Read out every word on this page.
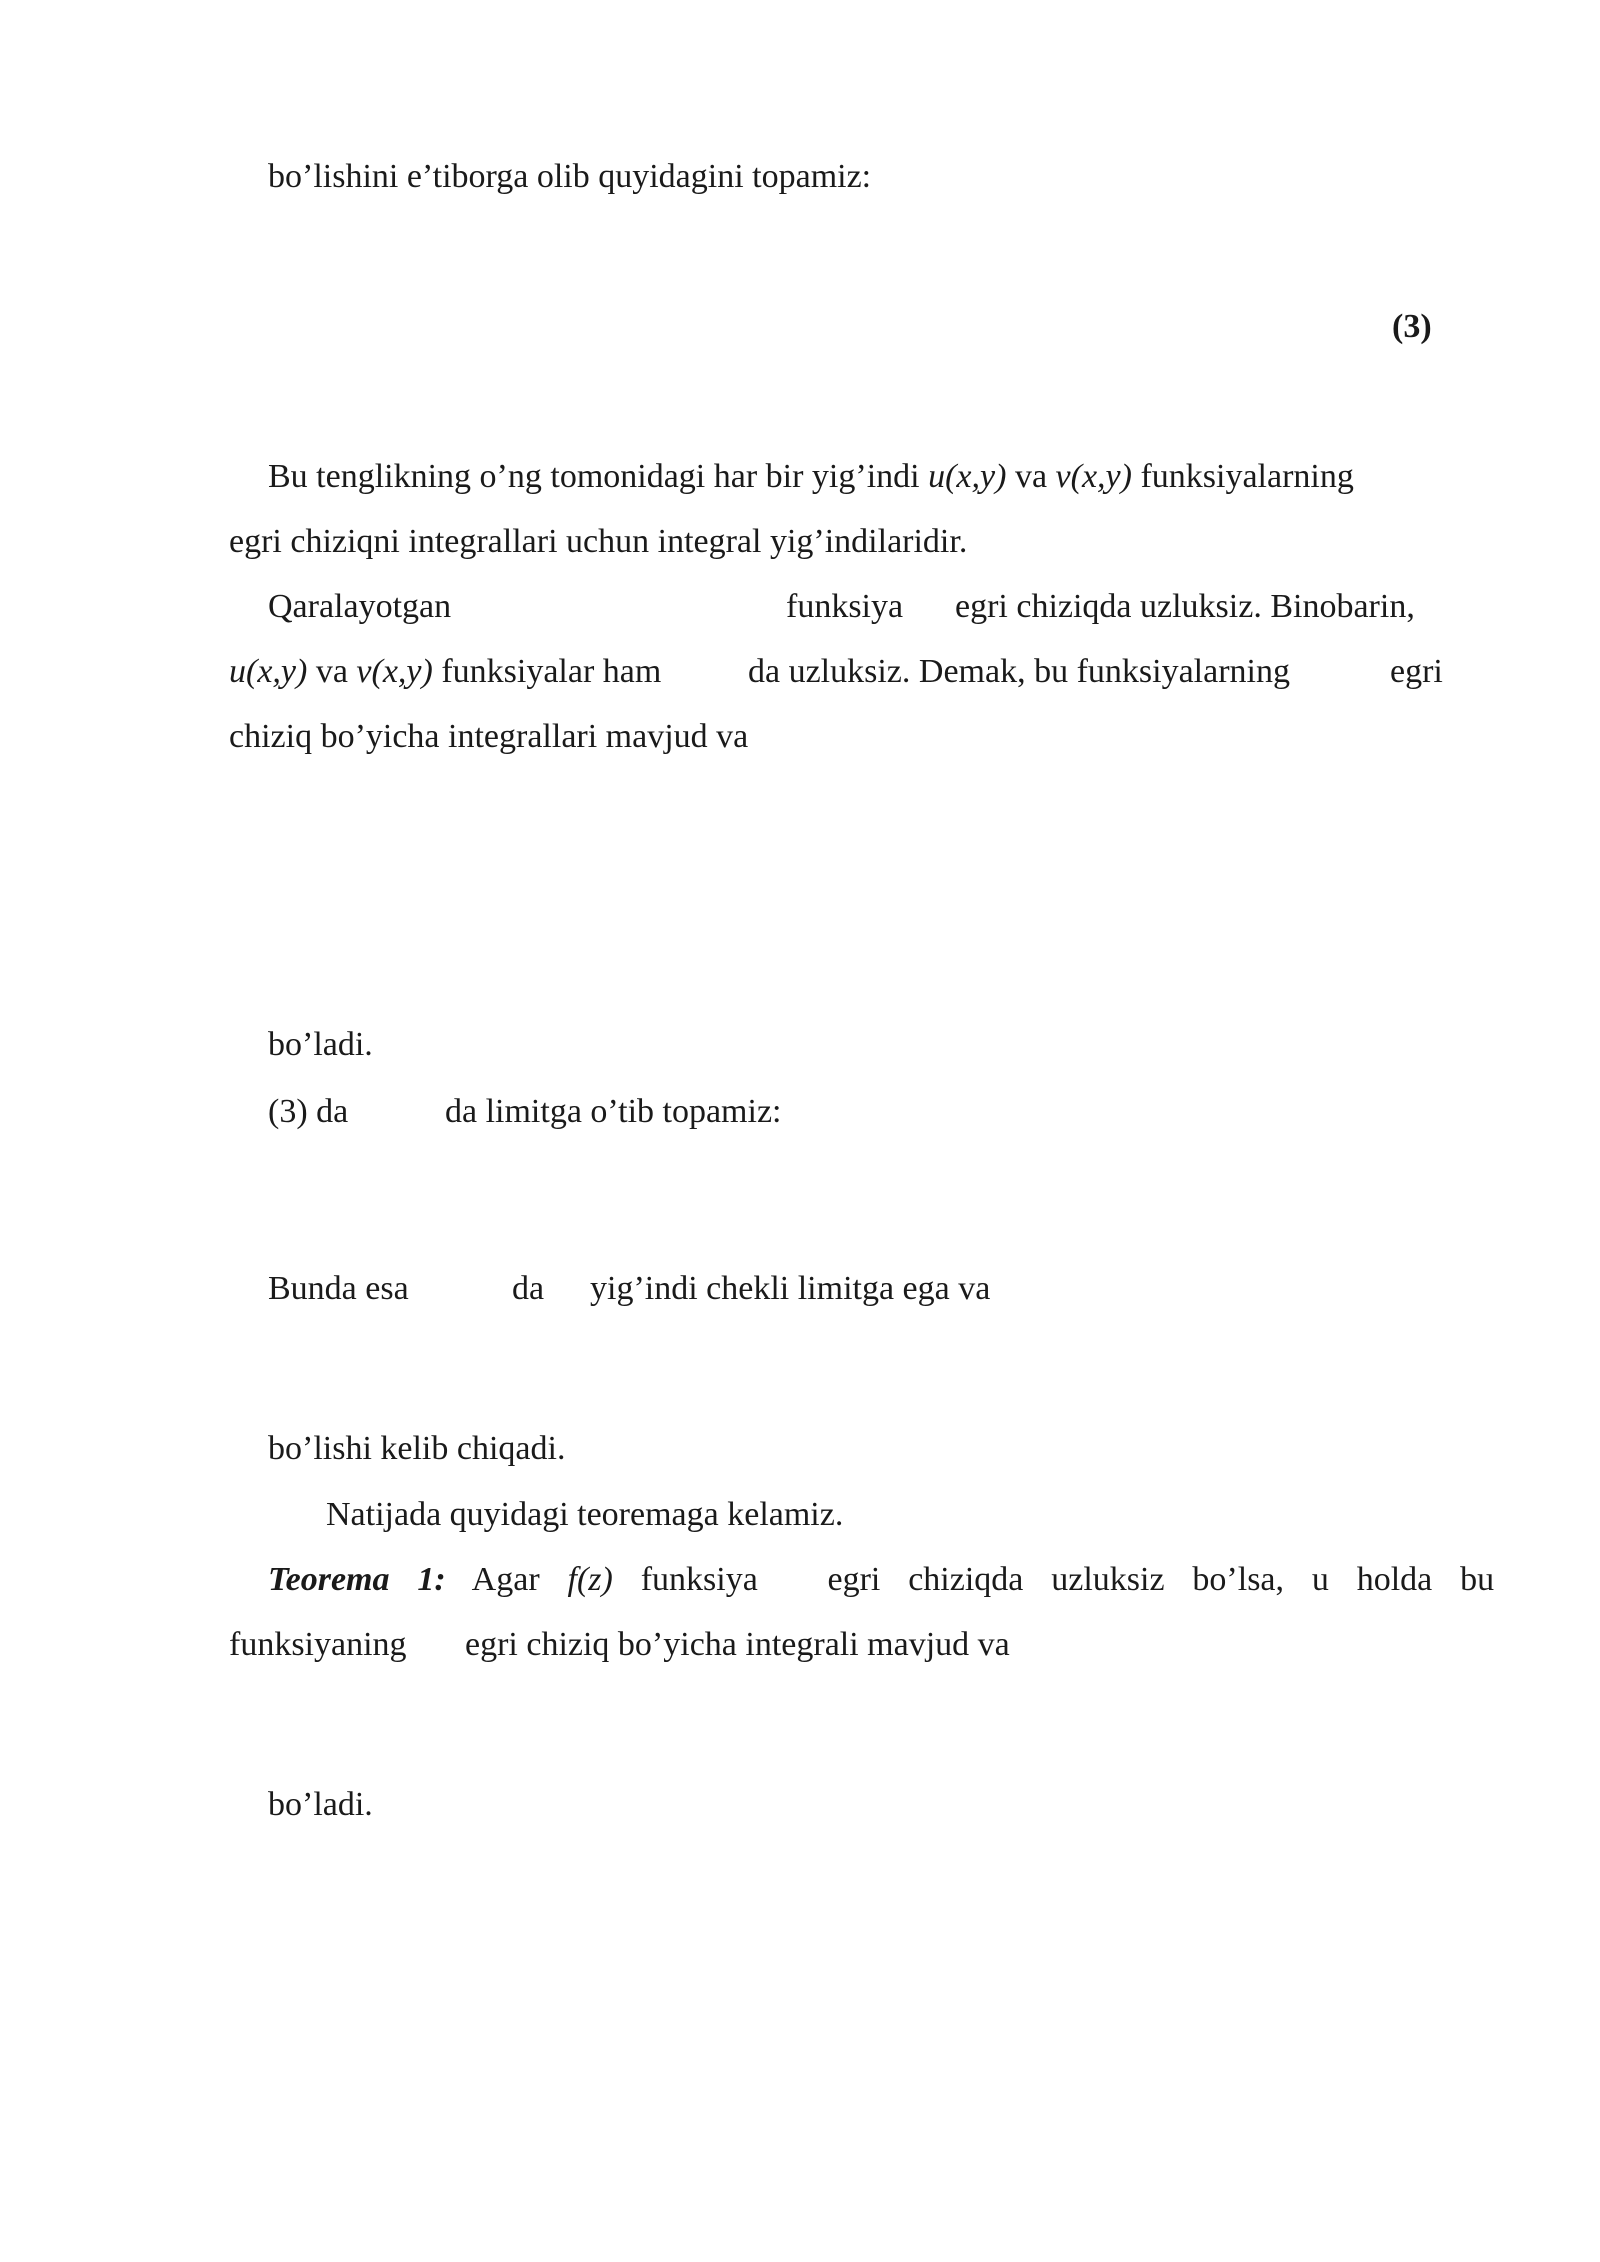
bo’lishini e’tiborga olib quyidagini topamiz:
(3)
Bu tenglikning o’ng tomonidagi har bir yig’indi u(x,y) va v(x,y) funksiyalarning
egri chiziqni integrallari uchun integral yig’indilaridir.
Qaralayotgan	funksiya egri chiziqda uzluksiz. Binobarin,
u(x,y) va v(x,y) funksiyalar ham	da uzluksiz. Demak, bu funksiyalarning	egri
chiziq bo’yicha integrallari mavjud va
bo’ladi.
(3) da	da limitga o’tib topamiz:
Bunda esa	da yig’indi chekli limitga ega va
bo’lishi kelib chiqadi.
Natijada quyidagi teoremaga kelamiz.
Teorema 1: Agar f(z) funksiya egri chiziqda uzluksiz bo’lsa, u holda bu
funksiyaning egri chiziq bo’yicha integrali mavjud va
bo’ladi.
